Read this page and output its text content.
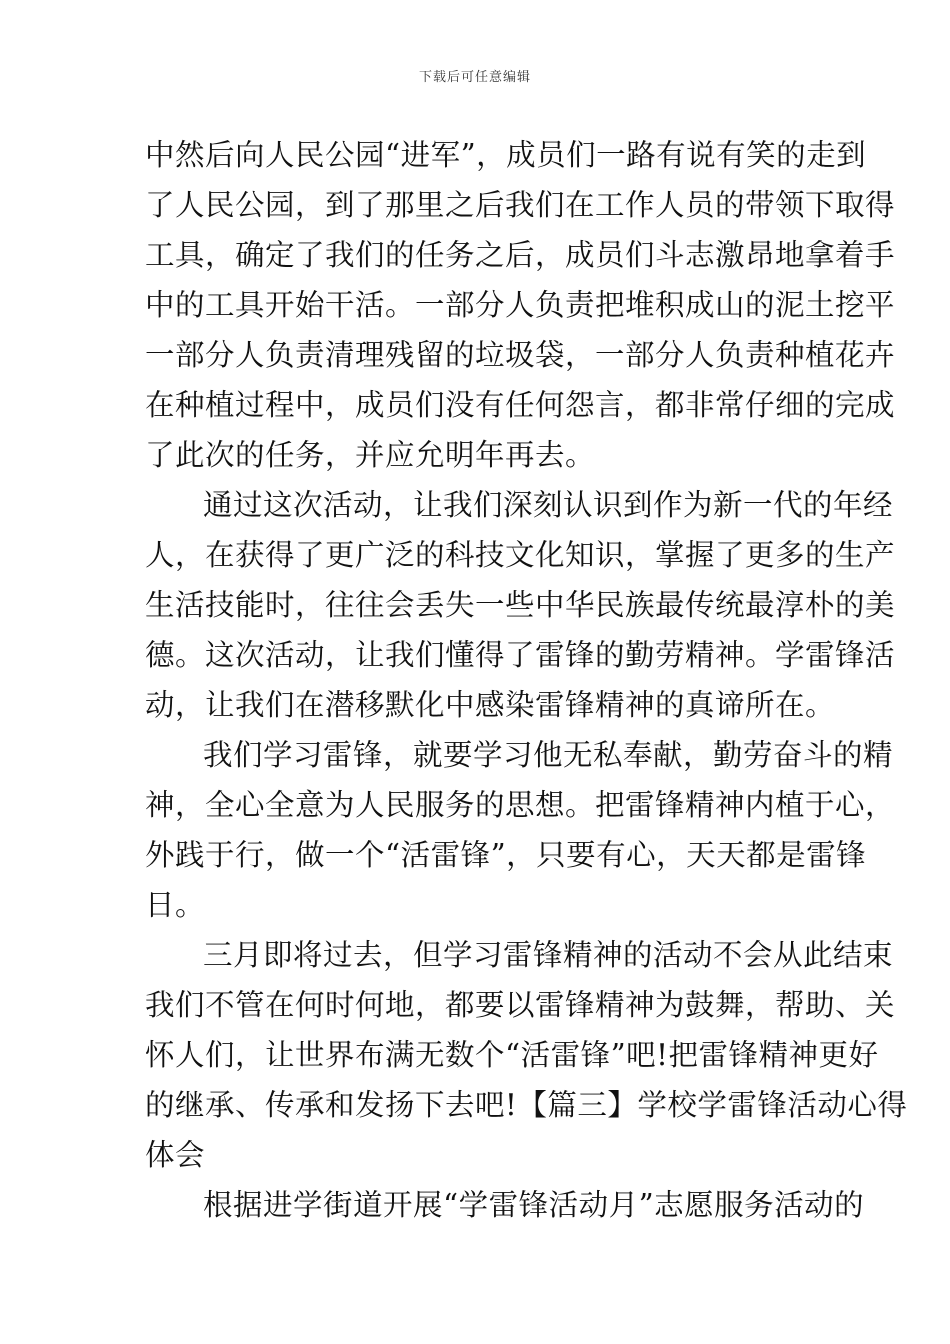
下载后可任意编辑
中然后向人民公园“进军”，成员们一路有说有笑的走到
了人民公园，到了那里之后我们在工作人员的带领下取得
工具，确定了我们的任务之后，成员们斗志激昂地拿着手
中的工具开始干活。一部分人负责把堆积成山的泥土挖平
一部分人负责清理残留的垃圾袋，一部分人负责种植花卉
在种植过程中，成员们没有任何怨言，都非常仔细的完成
了此次的任务，并应允明年再去。
通过这次活动，让我们深刻认识到作为新一代的年经
人，在获得了更广泛的科技文化知识，掌握了更多的生产
生活技能时，往往会丢失一些中华民族最传统最淳朴的美
德。这次活动，让我们懂得了雷锋的勤劳精神。学雷锋活
动，让我们在潜移默化中感染雷锋精神的真谛所在。
我们学习雷锋，就要学习他无私奉献，勤劳奋斗的精
神，全心全意为人民服务的思想。把雷锋精神内植于心，
外践于行，做一个“活雷锋”，只要有心，天天都是雷锋
日。
三月即将过去，但学习雷锋精神的活动不会从此结束
我们不管在何时何地，都要以雷锋精神为鼓舞，帮助、关
怀人们，让世界布满无数个“活雷锋”吧!把雷锋精神更好
的继承、传承和发扬下去吧!【篇三】学校学雷锋活动心得
体会
根据进学街道开展“学雷锋活动月”志愿服务活动的
